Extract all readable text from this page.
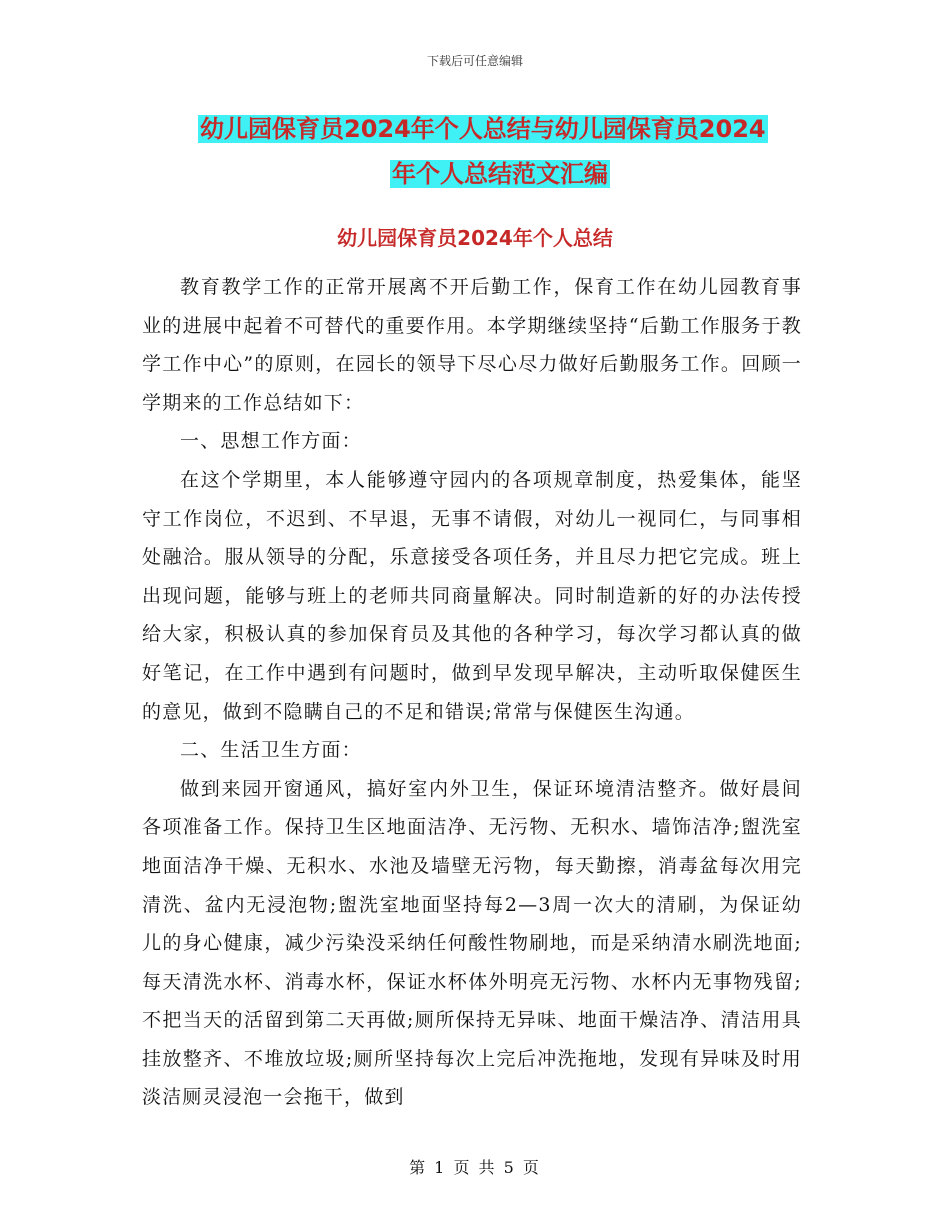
下载后可任意编辑
幼儿园保育员2024年个人总结与幼儿园保育员2024
年个人总结范文汇编
幼儿园保育员2024年个人总结

教育教学工作的正常开展离不开后勤工作，保育工作在幼儿园教育事业的进展中起着不可替代的重要作用。本学期继续坚持“后勤工作服务于教学工作中心”的原则，在园长的领导下尽心尽力做好后勤服务工作。回顾一学期来的工作总结如下：

一、思想工作方面：

在这个学期里，本人能够遵守园内的各项规章制度，热爱集体，能坚守工作岗位，不迟到、不早退，无事不请假，对幼儿一视同仁，与同事相处融洽。服从领导的分配，乐意接受各项任务，并且尽力把它完成。班上出现问题，能够与班上的老师共同商量解决。同时制造新的好的办法传授给大家，积极认真的参加保育员及其他的各种学习，每次学习都认真的做好笔记，在工作中遇到有问题时，做到早发现早解决，主动听取保健医生的意见，做到不隐瞒自己的不足和错误;常常与保健医生沟通。

二、生活卫生方面：

做到来园开窗通风，搞好室内外卫生，保证环境清洁整齐。做好晨间各项准备工作。保持卫生区地面洁净、无污物、无积水、墙饰洁净;盥洗室地面洁净干燥、无积水、水池及墙壁无污物，每天勤擦，消毒盆每次用完清洗、盆内无浸泡物;盥洗室地面坚持每2—3周一次大的清刷，为保证幼儿的身心健康，减少污染没采纳任何酸性物刷地，而是采纳清水刷洗地面;每天清洗水杯、消毒水杯，保证水杯体外明亮无污物、水杯内无事物残留;不把当天的活留到第二天再做;厕所保持无异味、地面干燥洁净、清洁用具挂放整齐、不堆放垃圾;厕所坚持每次上完后冲洗拖地，发现有异味及时用淡洁厕灵浸泡一会拖干，做到

第 1 页 共 5 页
